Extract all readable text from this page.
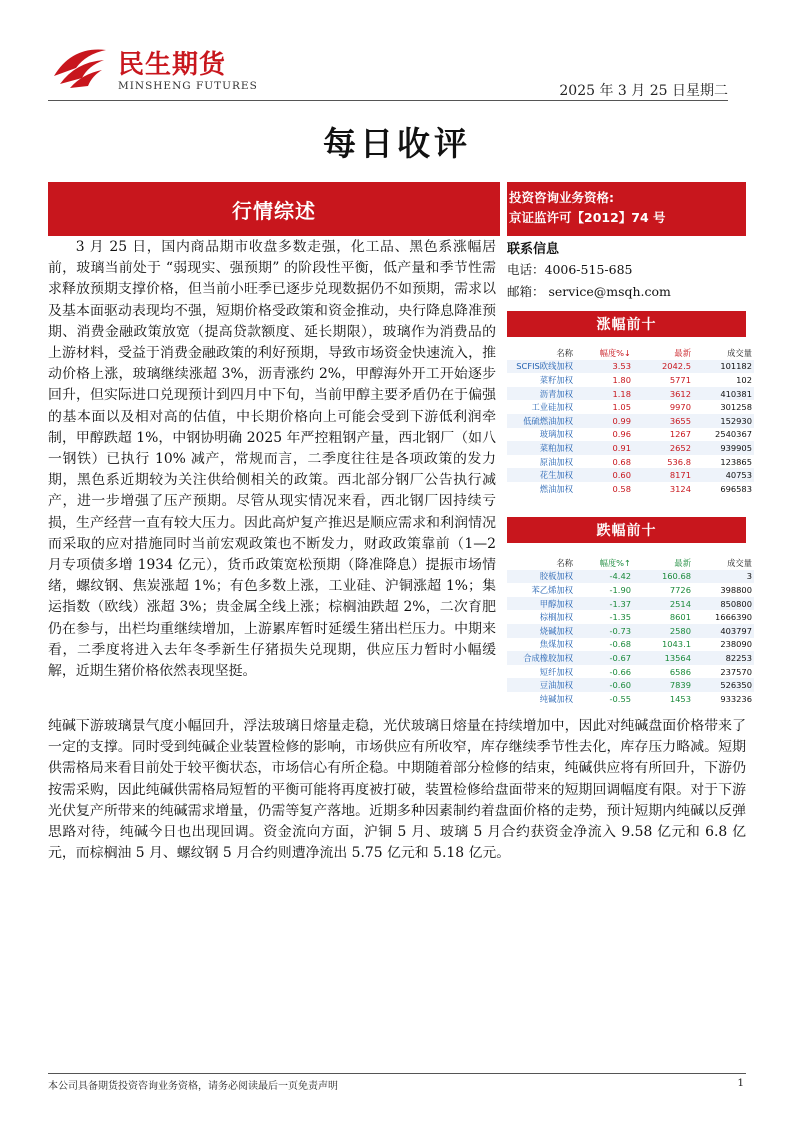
民生期货
MINSHENG FUTURES	2025 年 3 月 25 日星期二
每日收评
行情综述

3 月 25 日，国内商品期市收盘多数走强，化工品、黑色系涨幅居前，玻璃当前处于 “弱现实、强预期” 的阶段性平衡，低产量和季节性需求释放预期支撑价格，但当前小旺季已逐步兑现数据仍不如预期，需求以及基本面驱动表现均不强，短期价格受政策和资金推动，央行降息降准预期、消费金融政策放宽（提高贷款额度、延长期限），玻璃作为消费品的上游材料，受益于消费金融政策的利好预期，导致市场资金快速流入，推动价格上涨，玻璃继续涨超 3%，沥青涨约 2%，甲醇海外开工开始逐步回升，但实际进口兑现预计到四月中下旬，当前甲醇主要矛盾仍在于偏强的基本面以及相对高的估值，中长期价格向上可能会受到下游低利润牵制，甲醇跌超 1%，中钢协明确 2025 年严控粗钢产量，西北钢厂（如八一钢铁）已执行 10% 减产，常规而言，二季度往往是各项政策的发力期，黑色系近期较为关注供给侧相关的政策。西北部分钢厂公告执行减产，进一步增强了压产预期。尽管从现实情况来看，西北钢厂因持续亏损，生产经营一直有较大压力。因此高炉复产推迟是顺应需求和利润情况而采取的应对措施同时当前宏观政策也不断发力，财政政策靠前（1—2 月专项债多增 1934 亿元），货币政策宽松预期（降准降息）提振市场情绪，螺纹钢、焦炭涨超 1%；有色多数上涨，工业硅、沪铜涨超 1%；集运指数（欧线）涨超 3%；贵金属全线上涨；棕榈油跌超 2%，二次育肥仍在参与，出栏均重继续增加，上游累库暂时延缓生猪出栏压力。中期来看，二季度将进入去年冬季新生仔猪损失兑现期，供应压力暂时小幅缓解，近期生猪价格依然表现坚挺。

纯碱下游玻璃景气度小幅回升，浮法玻璃日熔量走稳，光伏玻璃日熔量在持续增加中，因此对纯碱盘面价格带来了一定的支撑。同时受到纯碱企业装置检修的影响，市场供应有所收窄，库存继续季节性去化，库存压力略减。短期供需格局来看目前处于较平衡状态，市场信心有所企稳。中期随着部分检修的结束，纯碱供应将有所回升，下游仍按需采购，因此纯碱供需格局短暂的平衡可能将再度被打破，装置检修给盘面带来的短期回调幅度有限。对于下游光伏复产所带来的纯碱需求增量，仍需等复产落地。近期多种因素制约着盘面价格的走势，预计短期内纯碱以反弹思路对待，纯碱今日也出现回调。资金流向方面，沪铜 5 月、玻璃 5 月合约获资金净流入 9.58 亿元和 6.8 亿元，而棕榈油 5 月、螺纹钢 5 月合约则遭净流出 5.75 亿元和 5.18 亿元。

投资咨询业务资格:
京证监许可【2012】74 号
联系信息
电话：4006-515-685
邮箱： service@msqh.com
涨幅前十
名称	幅度%↓	最新	成交量
SCFIS欧线加权	3.53	2042.5	101182
菜籽加权	1.80	5771	102
沥青加权	1.18	3612	410381
工业硅加权	1.05	9970	301258
低硫燃油加权	0.99	3655	152930
玻璃加权	0.96	1267	2540367
菜粕加权	0.91	2652	939905
原油加权	0.68	536.8	123865
花生加权	0.60	8171	40753
燃油加权	0.58	3124	696583
跌幅前十
名称	幅度%↑	最新	成交量
胶板加权	-4.42	160.68	3
苯乙烯加权	-1.90	7726	398800
甲醇加权	-1.37	2514	850800
棕榈加权	-1.35	8601	1666390
烧碱加权	-0.73	2580	403797
焦煤加权	-0.68	1043.1	238090
合成橡胶加权	-0.67	13564	82253
短纤加权	-0.66	6586	237570
豆油加权	-0.60	7839	526350
纯碱加权	-0.55	1453	933236
本公司具备期货投资咨询业务资格，请务必阅读最后一页免责声明	1
